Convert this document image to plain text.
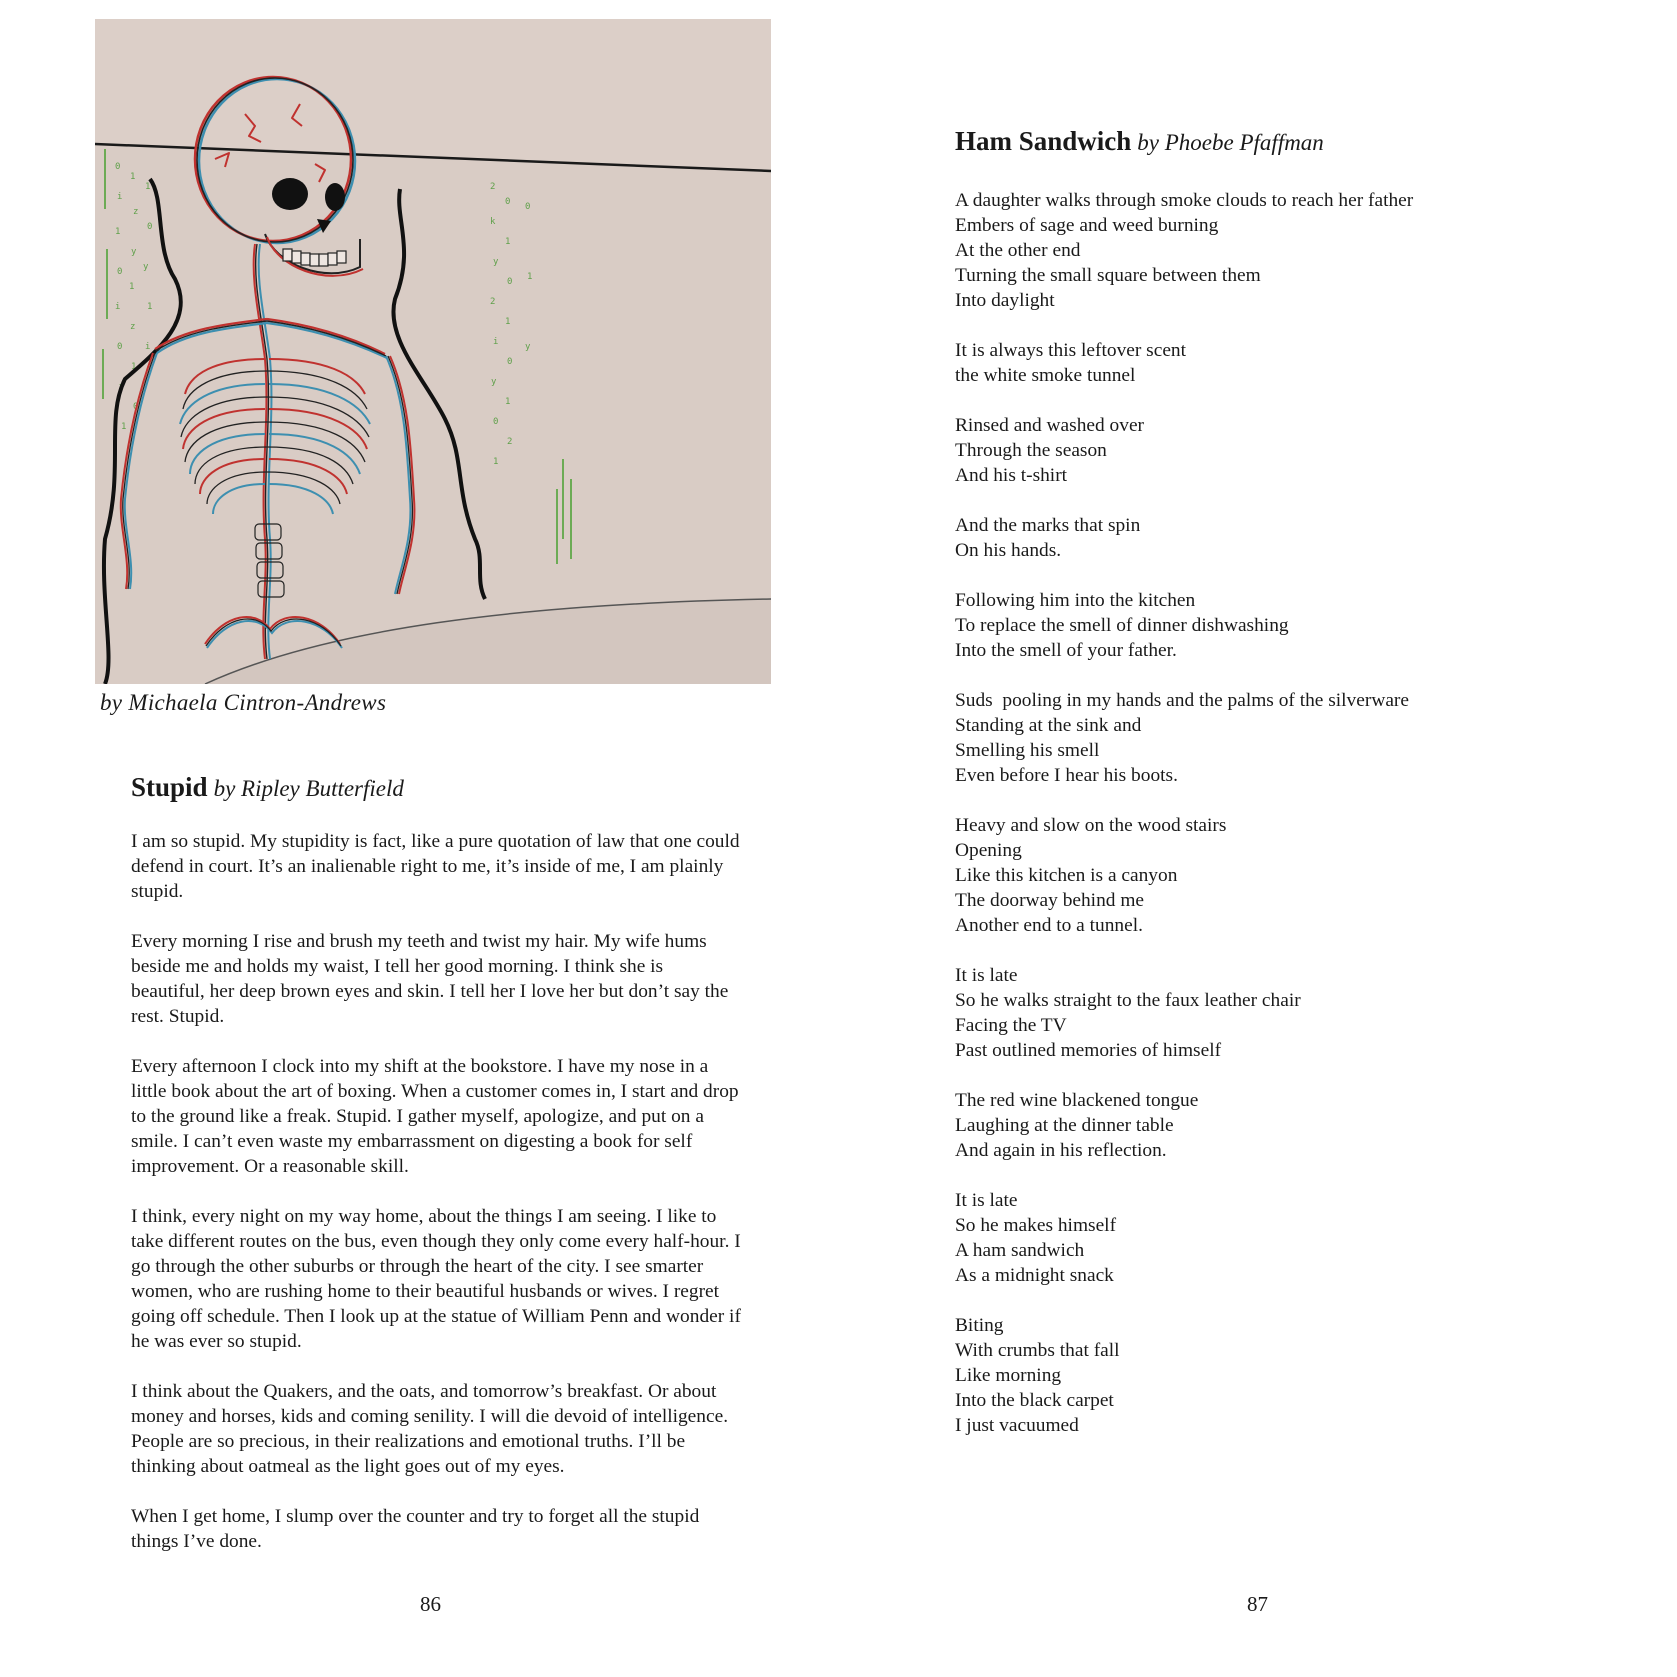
0
1
i
z
1
y
0
1
i
z
0
1
y
0
1
1
0
y
1
i
2
0
k
1
y
0
2
1
i
0
y
1
0
2
1
0
1
y
by Michaela Cintron-Andrews
Stupid by Ripley Butterfield

I am so stupid. My stupidity is fact, like a pure quotation of law that one could defend in court. It’s an inalienable right to me, it’s inside of me, I am plainly stupid.

Every morning I rise and brush my teeth and twist my hair. My wife hums beside me and holds my waist, I tell her good morning. I think she is beautiful, her deep brown eyes and skin. I tell her I love her but don’t say the rest. Stupid.

Every afternoon I clock into my shift at the bookstore. I have my nose in a little book about the art of boxing. When a customer comes in, I start and drop to the ground like a freak. Stupid. I gather myself, apologize, and put on a smile. I can’t even waste my embarrassment on digesting a book for self improvement. Or a reasonable skill.

I think, every night on my way home, about the things I am seeing. I like to take different routes on the bus, even though they only come every half-hour. I go through the other suburbs or through the heart of the city. I see smarter women, who are rushing home to their beautiful husbands or wives. I regret going off schedule. Then I look up at the statue of William Penn and wonder if he was ever so stupid.

I think about the Quakers, and the oats, and tomorrow’s breakfast. Or about money and horses, kids and coming senility. I will die devoid of intelligence. People are so precious, in their realizations and emotional truths. I’ll be thinking about oatmeal as the light goes out of my eyes.

When I get home, I slump over the counter and try to forget all the stupid things I’ve done.

86
Ham Sandwich by Phoebe Pfaffman
A daughter walks through smoke clouds to reach her father
Embers of sage and weed burning
At the other end
Turning the small square between them
Into daylight
It is always this leftover scent
the white smoke tunnel
Rinsed and washed over
Through the season
And his t-shirt
And the marks that spin
On his hands.
Following him into the kitchen
To replace the smell of dinner dishwashing
Into the smell of your father.
Suds  pooling in my hands and the palms of the silverware
Standing at the sink and
Smelling his smell
Even before I hear his boots.
Heavy and slow on the wood stairs
Opening
Like this kitchen is a canyon
The doorway behind me
Another end to a tunnel.
It is late
So he walks straight to the faux leather chair
Facing the TV
Past outlined memories of himself
The red wine blackened tongue
Laughing at the dinner table
And again in his reflection.
It is late
So he makes himself
A ham sandwich
As a midnight snack
Biting
With crumbs that fall
Like morning
Into the black carpet
I just vacuumed
87
